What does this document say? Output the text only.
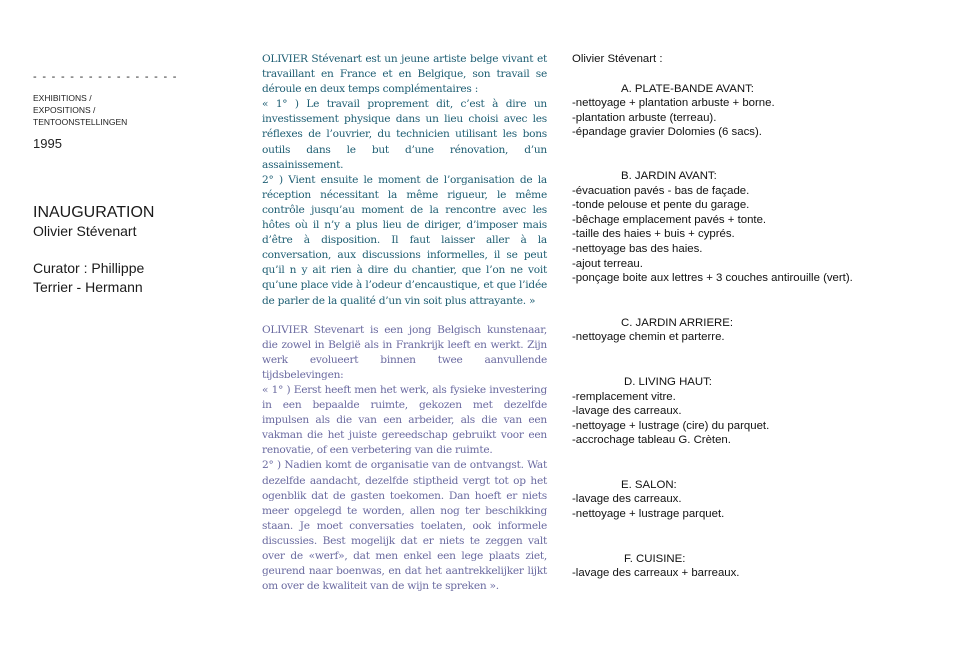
- - - - - - - - - - - - - - - -
EXHIBITIONS /
EXPOSITIONS /
TENTOONSTELLINGEN
1995
INAUGURATION
Olivier Stévenart
Curator : Phillippe Terrier - Hermann
OLIVIER Stévenart est un jeune artiste belge vivant et travaillant en France et en Belgique, son travail se déroule en deux temps complémentaires :
« 1° ) Le travail proprement dit, c’est à dire un investissement physique dans un lieu choisi avec les réflexes de l’ouvrier, du technicien utilisant les bons outils dans le but d’une rénovation, d’un assainissement.
2° ) Vient ensuite le moment de l’organisation de la réception nécessitant la même rigueur, le même contrôle jusqu’au moment de la rencontre avec les hôtes où il n’y a plus lieu de diriger, d’imposer mais d’être à disposition. Il faut laisser aller à la conversation, aux discussions informelles, il se peut qu’il n y ait rien à dire du chantier, que l’on ne voit qu’une place vide à l’odeur d’encaustique, et que l’idée de parler de la qualité d’un vin soit plus attrayante. »
OLIVIER Stevenart is een jong Belgisch kunstenaar, die zowel in België als in Frankrijk leeft en werkt. Zijn werk evolueert binnen twee aanvullende tijdsbelevingen:
« 1° ) Eerst heeft men het werk, als fysieke investering in een bepaalde ruimte, gekozen met dezelfde impulsen als die van een arbeider, als die van een vakman die het juiste gereedschap gebruikt voor een renovatie, of een verbetering van die ruimte.
2° ) Nadien komt de organisatie van de ontvangst. Wat dezelfde aandacht, dezelfde stiptheid vergt tot op het ogenblik dat de gasten toekomen. Dan hoeft er niets meer opgelegd te worden, allen nog ter beschikking staan. Je moet conversaties toelaten, ook informele discussies. Best mogelijk dat er niets te zeggen valt over de «werf», dat men enkel een lege plaats ziet, geurend naar boenwas, en dat het aantrekkelijker lijkt om over de kwaliteit van de wijn te spreken ».
Olivier Stévenart :
A. PLATE-BANDE AVANT:
-nettoyage + plantation arbuste + borne.
-plantation arbuste (terreau).
-épandage gravier Dolomies (6 sacs).
B. JARDIN AVANT:
-évacuation pavés - bas de façade.
-tonde pelouse et pente du garage.
-bêchage emplacement pavés + tonte.
-taille des haies + buis + cyprés.
-nettoyage bas des haies.
-ajout terreau.
-ponçage boite aux lettres + 3 couches antirouille (vert).
C. JARDIN ARRIERE:
-nettoyage chemin et parterre.
D. LIVING HAUT:
-remplacement vitre.
-lavage des carreaux.
-nettoyage + lustrage (cire) du parquet.
-accrochage tableau G. Crèten.
E. SALON:
-lavage des carreaux.
-nettoyage + lustrage parquet.
F. CUISINE:
-lavage des carreaux + barreaux.
